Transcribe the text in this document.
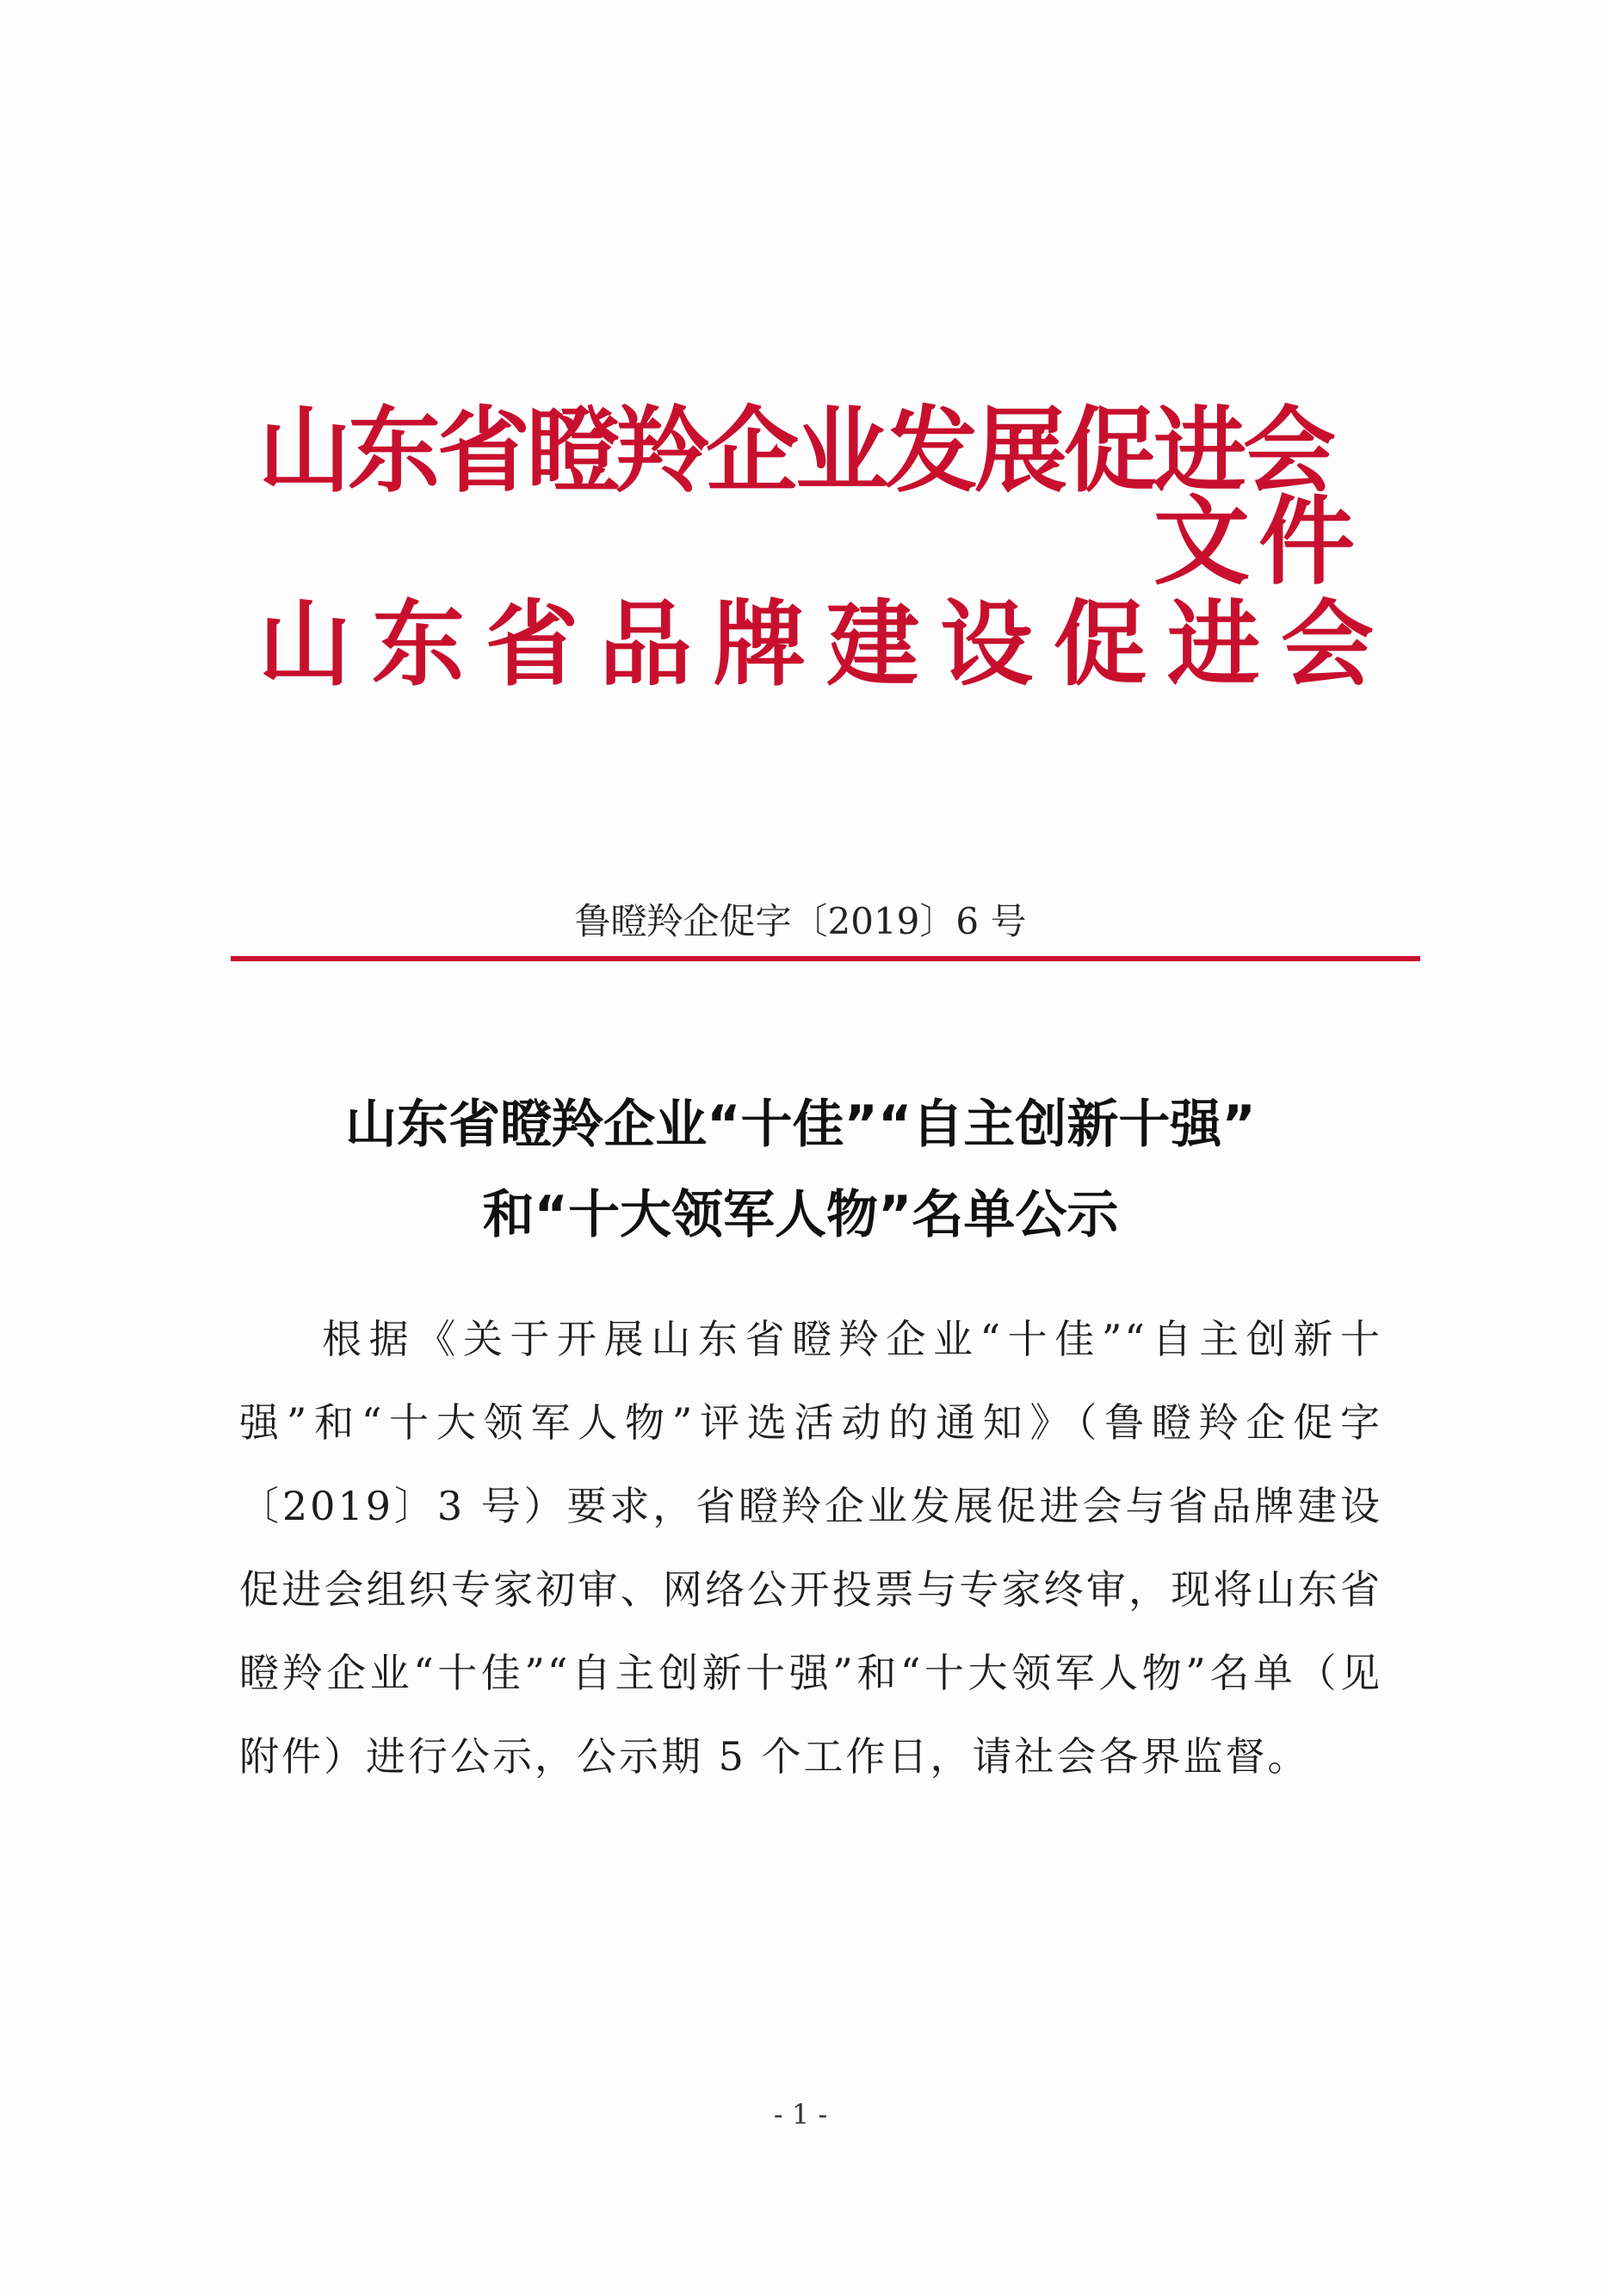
山东省瞪羚企业发展促进会
山东省品牌建设促进会
文件
鲁瞪羚企促字〔2019〕6 号
山东省瞪羚企业“十佳”“自主创新十强”
和“十大领军人物”名单公示

根据《关于开展山东省瞪羚企业“十佳”“自主创新十强”和“十大领军人物”评选活动的通知》（鲁瞪羚企促字〔2019〕3 号）要求，省瞪羚企业发展促进会与省品牌建设促进会组织专家初审、网络公开投票与专家终审，现将山东省瞪羚企业“十佳”“自主创新十强”和“十大领军人物”名单（见附件）进行公示，公示期 5 个工作日，请社会各界监督。

- 1 -
